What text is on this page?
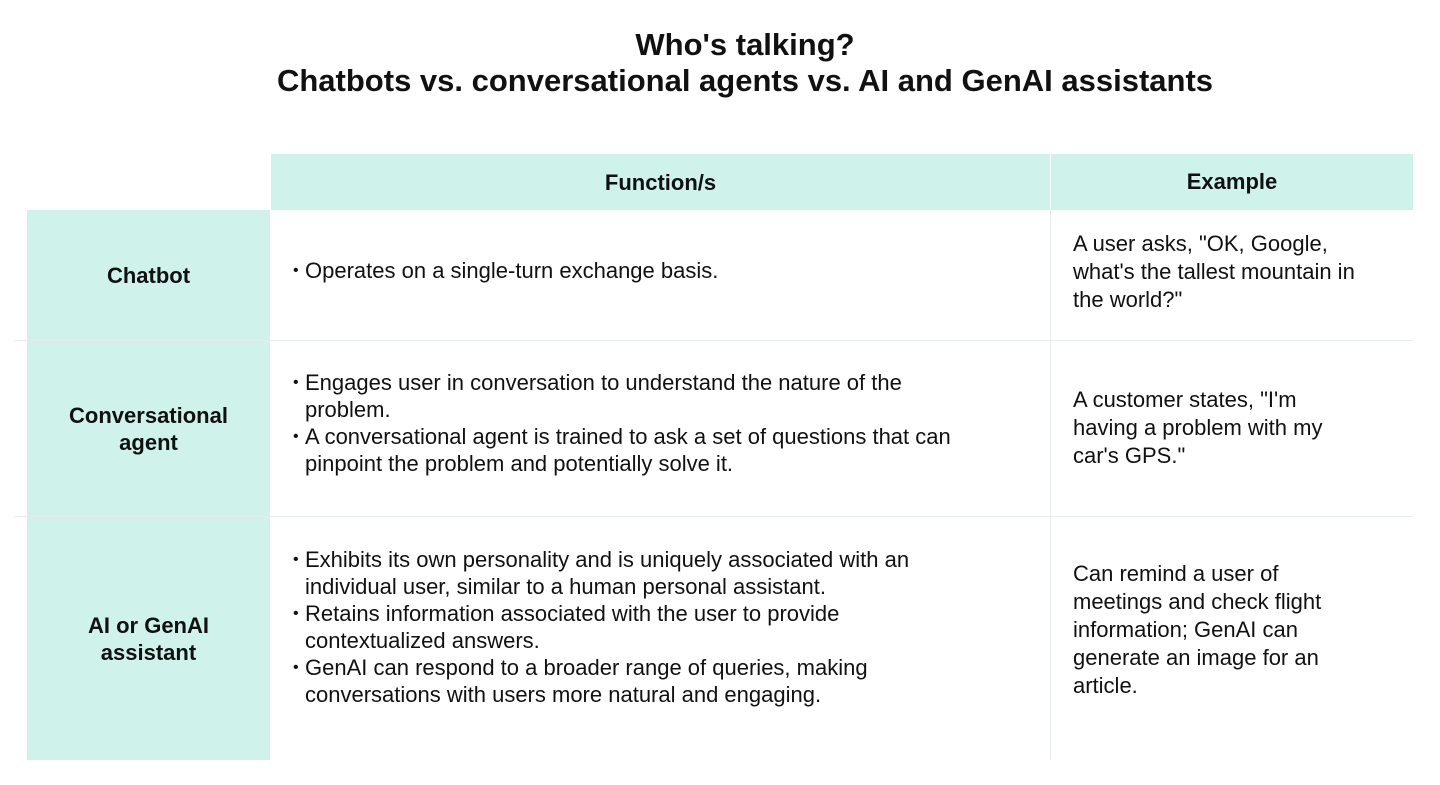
Who's talking?
Chatbots vs. conversational agents vs. AI and GenAI assistants
Function/s	Example
Chatbot
•	Operates on a single-turn exchange basis.
A user asks, "OK, Google, what's the tallest mountain in the world?"
Conversational agent
• Engages user in conversation to understand the nature of the problem.
• A conversational agent is trained to ask a set of questions that can pinpoint the problem and potentially solve it.
A customer states, "I'm having a problem with my car's GPS."
AI or GenAI assistant
• Exhibits its own personality and is uniquely associated with an individual user, similar to a human personal assistant.
• Retains information associated with the user to provide contextualized answers.
• GenAI can respond to a broader range of queries, making conversations with users more natural and engaging.
Can remind a user of meetings and check flight information; GenAI can generate an image for an article.
